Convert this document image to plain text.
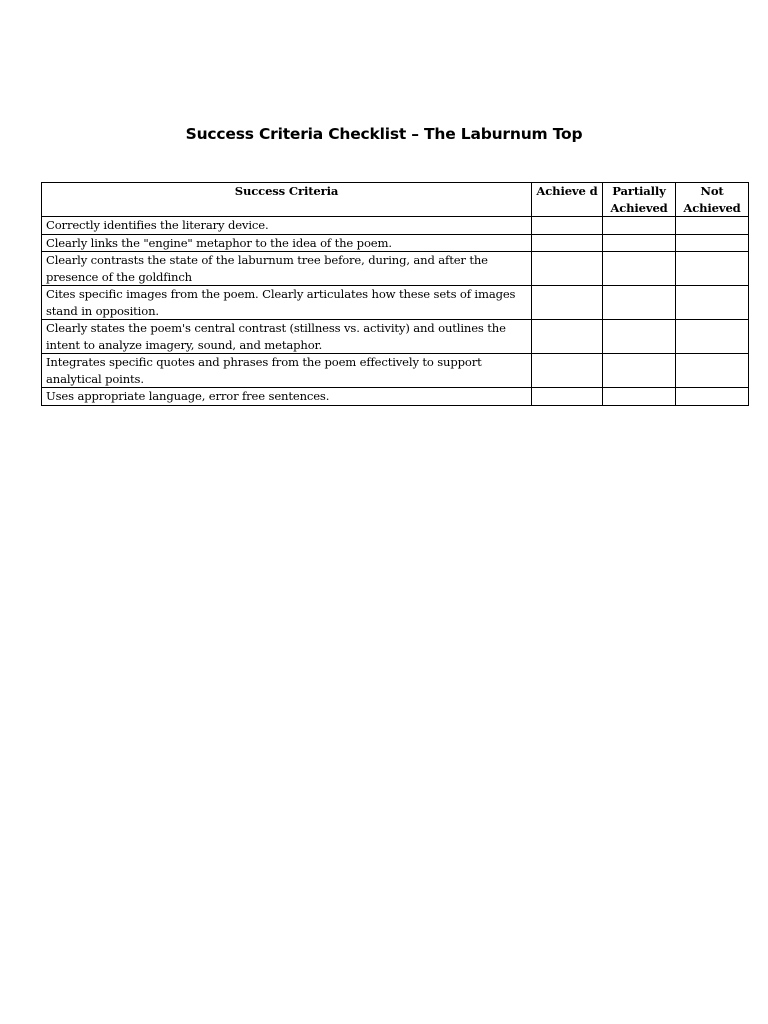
Success Criteria Checklist – The Laburnum Top
Success Criteria	Achieve d	Partially Achieved	Not Achieved
Correctly identifies the literary device.			
Clearly links the "engine" metaphor to the idea of the poem.			
Clearly contrasts the state of the laburnum tree before, during, and after the presence of the goldfinch			
Cites specific images from the poem. Clearly articulates how these sets of images stand in opposition.			
Clearly states the poem's central contrast (stillness vs. activity) and outlines the intent to analyze imagery, sound, and metaphor.			
Integrates specific quotes and phrases from the poem effectively to support analytical points.			
Uses appropriate language, error free sentences.			
